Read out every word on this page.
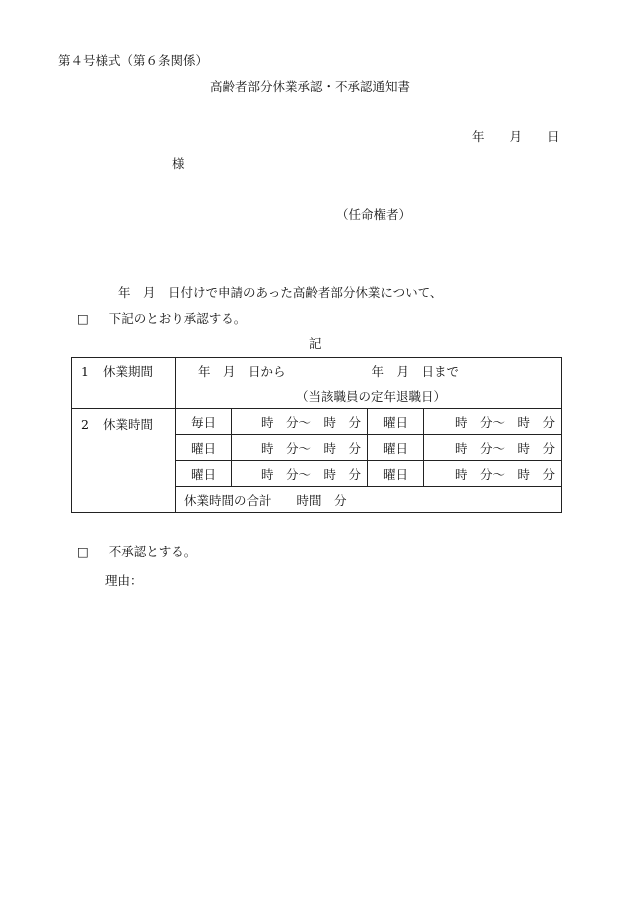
第４号様式（第６条関係）
高齢者部分休業承認・不承認通知書
年　　月　　日
様
（任命権者）
年　月　日付けで申請のあった高齢者部分休業について、
□ 下記のとおり承認する。
記
1 休業期間	年　月　日から 年　月　日まで			
	（当該職員の定年退職日）			
2 休業時間	毎日	時　分～　時　分	曜日	時　分～　時　分
	曜日	時　分～　時　分	曜日	時　分～　時　分
	曜日	時　分～　時　分	曜日	時　分～　時　分
	休業時間の合計　　時間　分			
□ 不承認とする。
理由：
